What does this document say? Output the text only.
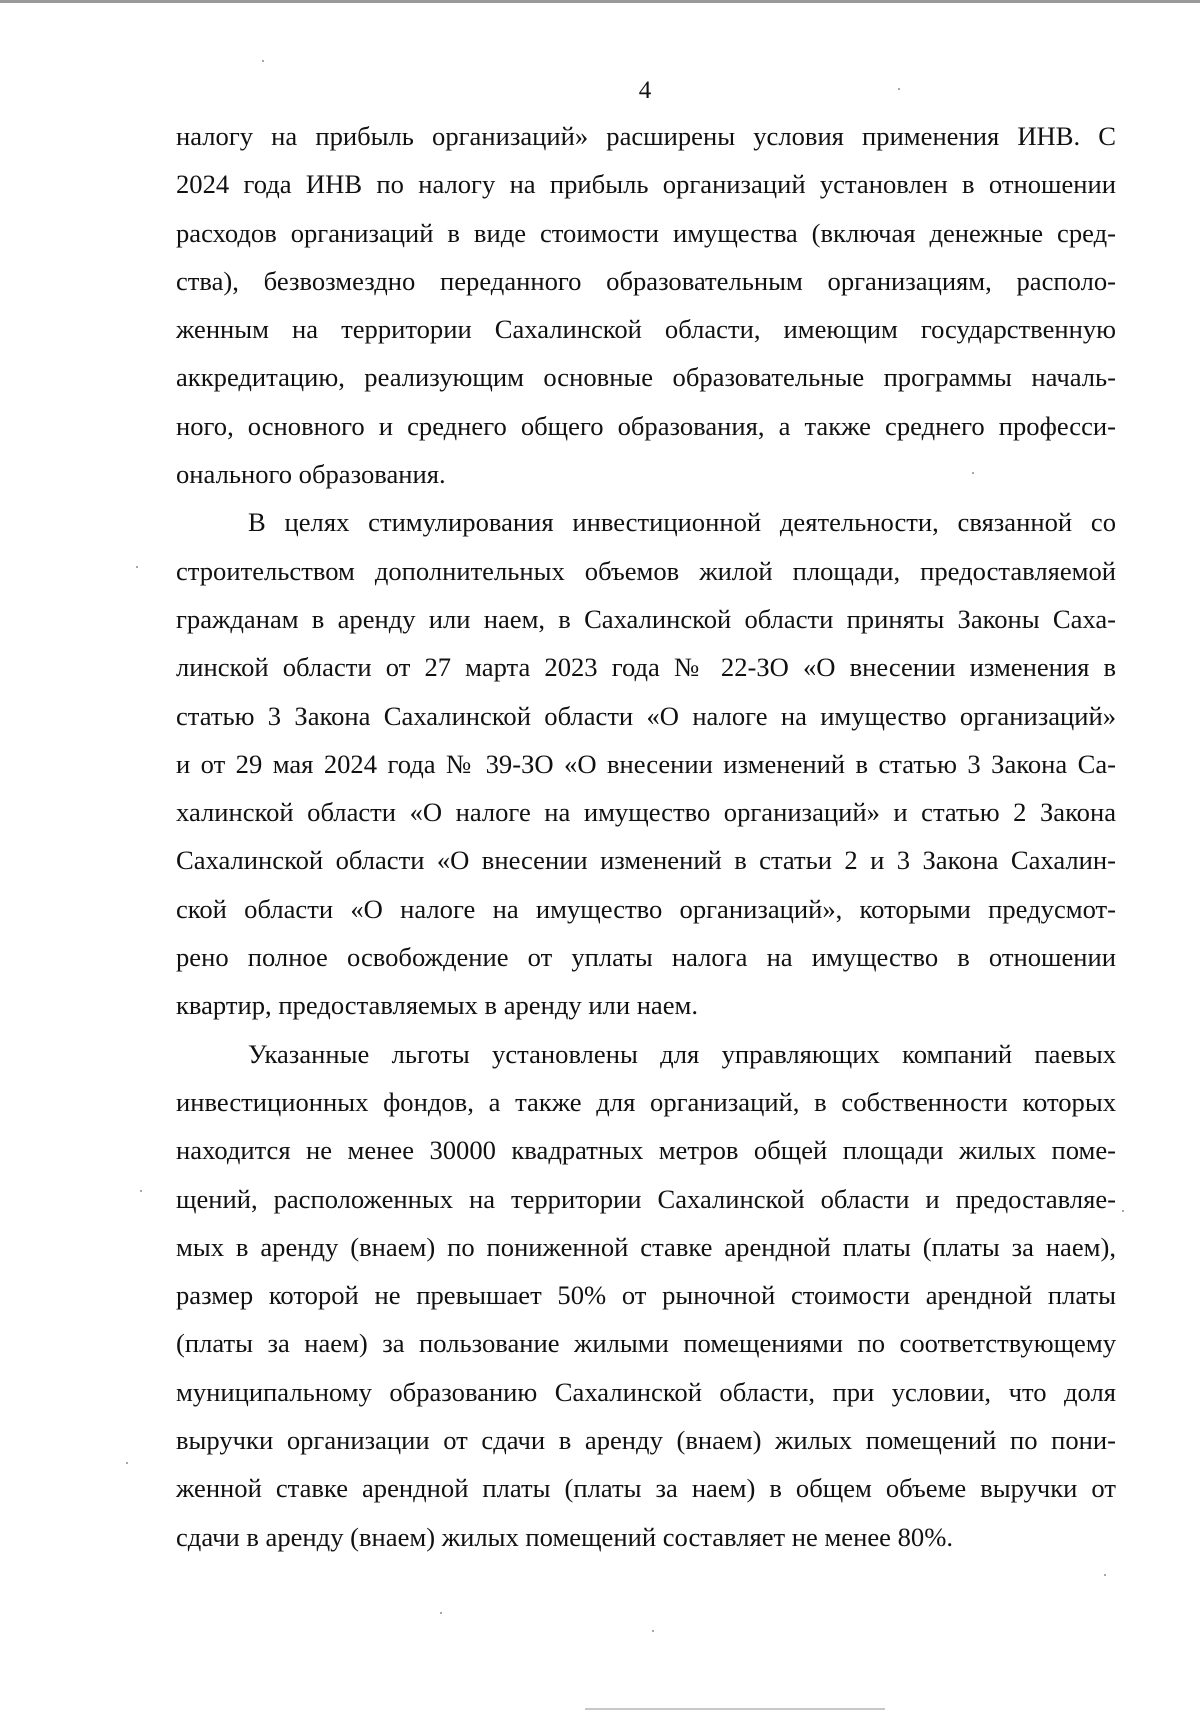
4
налогу на прибыль организаций» расширены условия применения ИНВ. С
2024 года ИНВ по налогу на прибыль организаций установлен в отношении
расходов организаций в виде стоимости имущества (включая денежные сред-
ства), безвозмездно переданного образовательным организациям, располо-
женным на территории Сахалинской области, имеющим государственную
аккредитацию, реализующим основные образовательные программы началь-
ного, основного и среднего общего образования, а также среднего професси-
онального образования.
В целях стимулирования инвестиционной деятельности, связанной со
строительством дополнительных объемов жилой площади, предоставляемой
гражданам в аренду или наем, в Сахалинской области приняты Законы Саха-
линской области от 27 марта 2023 года № 22-ЗО «О внесении изменения в
статью 3 Закона Сахалинской области «О налоге на имущество организаций»
и от 29 мая 2024 года № 39-ЗО «О внесении изменений в статью 3 Закона Са-
халинской области «О налоге на имущество организаций» и статью 2 Закона
Сахалинской области «О внесении изменений в статьи 2 и 3 Закона Сахалин-
ской области «О налоге на имущество организаций», которыми предусмот-
рено полное освобождение от уплаты налога на имущество в отношении
квартир, предоставляемых в аренду или наем.
Указанные льготы установлены для управляющих компаний паевых
инвестиционных фондов, а также для организаций, в собственности которых
находится не менее 30000 квадратных метров общей площади жилых поме-
щений, расположенных на территории Сахалинской области и предоставляе-
мых в аренду (внаем) по пониженной ставке арендной платы (платы за наем),
размер которой не превышает 50% от рыночной стоимости арендной платы
(платы за наем) за пользование жилыми помещениями по соответствующему
муниципальному образованию Сахалинской области, при условии, что доля
выручки организации от сдачи в аренду (внаем) жилых помещений по пони-
женной ставке арендной платы (платы за наем) в общем объеме выручки от
сдачи в аренду (внаем) жилых помещений составляет не менее 80%.
